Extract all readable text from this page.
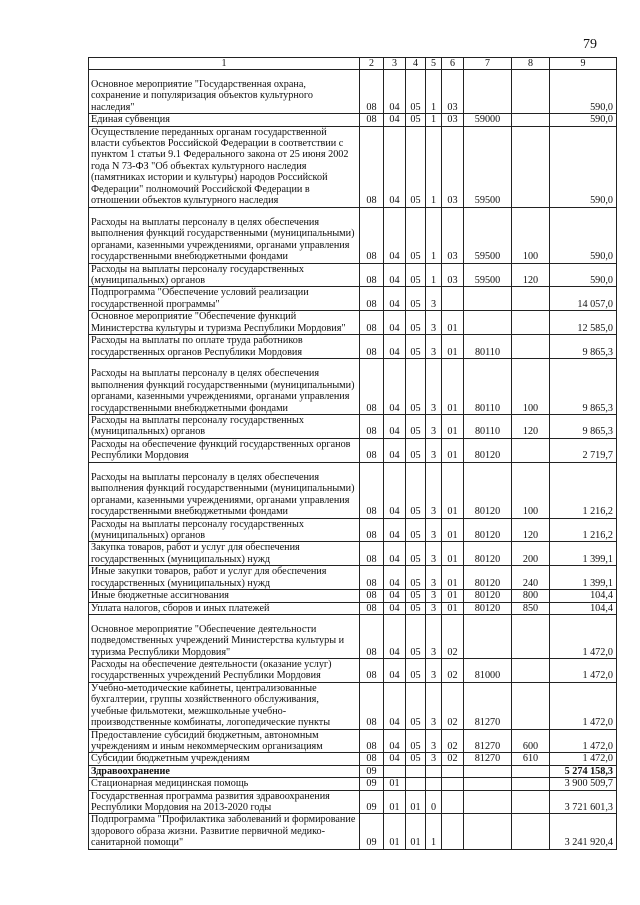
79
1	2	3	4	5	6	7	8	9
Основное мероприятие "Государственная охрана, сохранение и популяризация объектов культурного наследия"	08	04	05	1	03			590,0
Единая субвенция	08	04	05	1	03	59000		590,0
Осуществление переданных органам государственной власти субъектов Российской Федерации в соответствии с пунктом 1 статьи 9.1 Федерального закона от 25 июня 2002 года N 73-ФЗ "Об объектах культурного наследия (памятниках истории и культуры) народов Российской Федерации" полномочий Российской Федерации в отношении объектов культурного наследия	08	04	05	1	03	59500		590,0
Расходы на выплаты персоналу в целях обеспечения выполнения функций государственными (муниципальными) органами, казенными учреждениями, органами управления государственными внебюджетными фондами	08	04	05	1	03	59500	100	590,0
Расходы на выплаты персоналу государственных (муниципальных) органов	08	04	05	1	03	59500	120	590,0
Подпрограмма "Обеспечение условий реализации государственной программы"	08	04	05	3				14 057,0
Основное мероприятие "Обеспечение функций Министерства культуры и туризма Республики Мордовия"	08	04	05	3	01			12 585,0
Расходы на выплаты по оплате труда работников государственных органов Республики Мордовия	08	04	05	3	01	80110		9 865,3
Расходы на выплаты персоналу в целях обеспечения выполнения функций государственными (муниципальными) органами, казенными учреждениями, органами управления государственными внебюджетными фондами	08	04	05	3	01	80110	100	9 865,3
Расходы на выплаты персоналу государственных (муниципальных) органов	08	04	05	3	01	80110	120	9 865,3
Расходы на обеспечение функций государственных органов Республики Мордовия	08	04	05	3	01	80120		2 719,7
Расходы на выплаты персоналу в целях обеспечения выполнения функций государственными (муниципальными) органами, казенными учреждениями, органами управления государственными внебюджетными фондами	08	04	05	3	01	80120	100	1 216,2
Расходы на выплаты персоналу государственных (муниципальных) органов	08	04	05	3	01	80120	120	1 216,2
Закупка товаров, работ и услуг для обеспечения государственных (муниципальных) нужд	08	04	05	3	01	80120	200	1 399,1
Иные закупки товаров, работ и услуг для обеспечения государственных (муниципальных) нужд	08	04	05	3	01	80120	240	1 399,1
Иные бюджетные ассигнования	08	04	05	3	01	80120	800	104,4
Уплата налогов, сборов и иных платежей	08	04	05	3	01	80120	850	104,4
Основное мероприятие "Обеспечение деятельности подведомственных учреждений Министерства культуры и туризма Республики Мордовия"	08	04	05	3	02			1 472,0
Расходы на обеспечение деятельности (оказание услуг) государственных учреждений Республики Мордовия	08	04	05	3	02	81000		1 472,0
Учебно-методические кабинеты, централизованные бухгалтерии, группы хозяйственного обслуживания, учебные фильмотеки, межшкольные учебно-производственные комбинаты, логопедические пункты	08	04	05	3	02	81270		1 472,0
Предоставление субсидий бюджетным, автономным учреждениям и иным некоммерческим организациям	08	04	05	3	02	81270	600	1 472,0
Субсидии бюджетным учреждениям	08	04	05	3	02	81270	610	1 472,0
Здравоохранение	09							5 274 158,3
Стационарная медицинская помощь	09	01						3 900 509,7
Государственная программа развития здравоохранения Республики Мордовия на 2013-2020 годы	09	01	01	0				3 721 601,3
Подпрограмма "Профилактика заболеваний и формирование здорового образа жизни. Развитие первичной медико-санитарной помощи"	09	01	01	1				3 241 920,4
